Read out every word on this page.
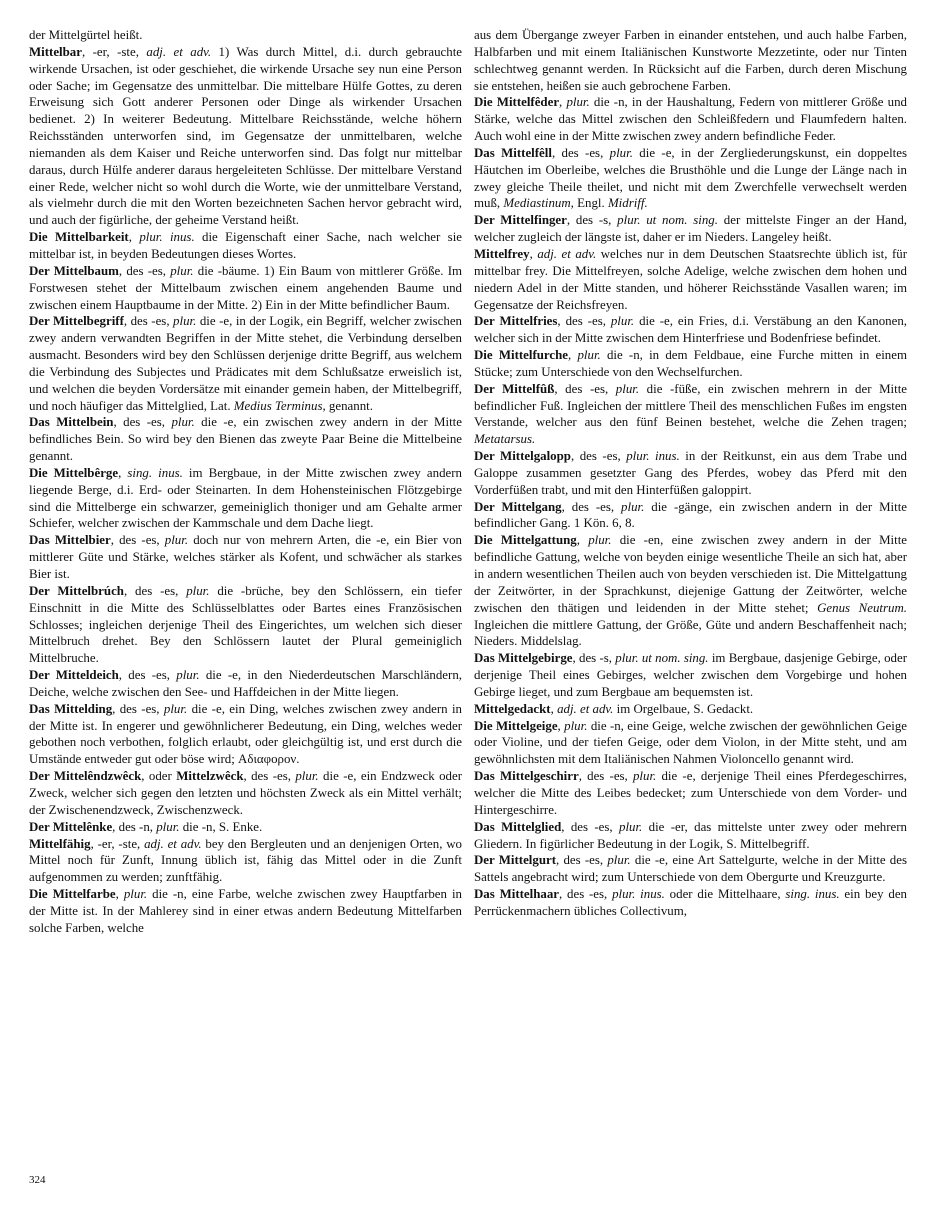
der Mittelgürtel heißt.

Mittelbar, -er, -ste, adj. et adv. 1) Was durch Mittel, d.i. durch gebrauchte wirkende Ursachen, ist oder geschiehet, die wirkende Ursache sey nun eine Person oder Sache; im Gegensatze des unmittelbar. Die mittelbare Hülfe Gottes, zu deren Erweisung sich Gott anderer Personen oder Dinge als wirkender Ursachen bedienet. 2) In weiterer Bedeutung. Mittelbare Reichsstände, welche höhern Reichsständen unterworfen sind, im Gegensatze der unmittelbaren, welche niemanden als dem Kaiser und Reiche unterworfen sind. Das folgt nur mittelbar daraus, durch Hülfe anderer daraus hergeleiteten Schlüsse. Der mittelbare Verstand einer Rede, welcher nicht so wohl durch die Worte, wie der unmittelbare Verstand, als vielmehr durch die mit den Worten bezeichneten Sachen hervor gebracht wird, und auch der figürliche, der geheime Verstand heißt.

Die Mittelbarkeit, plur. inus. die Eigenschaft einer Sache, nach welcher sie mittelbar ist, in beyden Bedeutungen dieses Wortes.

Der Mittelbaum, des -es, plur. die -bäume. 1) Ein Baum von mittlerer Größe. Im Forstwesen stehet der Mittelbaum zwischen einem angehenden Baume und zwischen einem Hauptbaume in der Mitte. 2) Ein in der Mitte befindlicher Baum.

Der Mittelbegriff, des -es, plur. die -e, in der Logik, ein Begriff, welcher zwischen zwey andern verwandten Begriffen in der Mitte stehet, die Verbindung derselben ausmacht. Besonders wird bey den Schlüssen derjenige dritte Begriff, aus welchem die Verbindung des Subjectes und Prädicates mit dem Schlußsatze erweislich ist, und welchen die beyden Vordersätze mit einander gemein haben, der Mittelbegriff, und noch häufiger das Mittelglied, Lat. Medius Terminus, genannt.

Das Mittelbein, des -es, plur. die -e, ein zwischen zwey andern in der Mitte befindliches Bein. So wird bey den Bienen das zweyte Paar Beine die Mittelbeine genannt.

Die Mittelbêrge, sing. inus. im Bergbaue, in der Mitte zwischen zwey andern liegende Berge, d.i. Erd- oder Steinarten. In dem Hohensteinischen Flötzgebirge sind die Mittelberge ein schwarzer, gemeiniglich thoniger und am Gehalte armer Schiefer, welcher zwischen der Kammschale und dem Dache liegt.

Das Mittelbier, des -es, plur. doch nur von mehrern Arten, die -e, ein Bier von mittlerer Güte und Stärke, welches stärker als Kofent, und schwächer als starkes Bier ist.

Der Mittelbrúch, des -es, plur. die -brüche, bey den Schlössern, ein tiefer Einschnitt in die Mitte des Schlüsselblattes oder Bartes eines Französischen Schlosses; ingleichen derjenige Theil des Eingerichtes, um welchen sich dieser Mittelbruch drehet. Bey den Schlössern lautet der Plural gemeiniglich Mittelbruche.

Der Mitteldeich, des -es, plur. die -e, in den Niederdeutschen Marschländern, Deiche, welche zwischen den See- und Haffdeichen in der Mitte liegen.

Das Mittelding, des -es, plur. die -e, ein Ding, welches zwischen zwey andern in der Mitte ist. In engerer und gewöhnlicherer Bedeutung, ein Ding, welches weder gebothen noch verbothen, folglich erlaubt, oder gleichgültig ist, und erst durch die Umstände entweder gut oder böse wird; Αδιαφορον.

Der Mittelêndzwêck, oder Mittelzwêck, des -es, plur. die -e, ein Endzweck oder Zweck, welcher sich gegen den letzten und höchsten Zweck als ein Mittel verhält; der Zwischenendzweck, Zwischenzweck.

Der Mittelênke, des -n, plur. die -n, S. Enke.

Mittelfähig, -er, -ste, adj. et adv. bey den Bergleuten und an denjenigen Orten, wo Mittel noch für Zunft, Innung üblich ist, fähig das Mittel oder in die Zunft aufgenommen zu werden; zunftfähig.

Die Mittelfarbe, plur. die -n, eine Farbe, welche zwischen zwey Hauptfarben in der Mitte ist. In der Mahlerey sind in einer etwas andern Bedeutung Mittelfarben solche Farben, welche

aus dem Übergange zweyer Farben in einander entstehen, und auch halbe Farben, Halbfarben und mit einem Italiänischen Kunstworte Mezzetinte, oder nur Tinten schlechtweg genannt werden. In Rücksicht auf die Farben, durch deren Mischung sie entstehen, heißen sie auch gebrochene Farben.

Die Mittelfêder, plur. die -n, in der Haushaltung, Federn von mittlerer Größe und Stärke, welche das Mittel zwischen den Schleißfedern und Flaumfedern halten. Auch wohl eine in der Mitte zwischen zwey andern befindliche Feder.

Das Mittelfêll, des -es, plur. die -e, in der Zergliederungskunst, ein doppeltes Häutchen im Oberleibe, welches die Brusthöhle und die Lunge der Länge nach in zwey gleiche Theile theilet, und nicht mit dem Zwerchfelle verwechselt werden muß, Mediastinum, Engl. Midriff.

Der Mittelfinger, des -s, plur. ut nom. sing. der mittelste Finger an der Hand, welcher zugleich der längste ist, daher er im Nieders. Langeley heißt.

Mittelfrey, adj. et adv. welches nur in dem Deutschen Staatsrechte üblich ist, für mittelbar frey. Die Mittelfreyen, solche Adelige, welche zwischen dem hohen und niedern Adel in der Mitte standen, und höherer Reichsstände Vasallen waren; im Gegensatze der Reichsfreyen.

Der Mittelfries, des -es, plur. die -e, ein Fries, d.i. Verstäbung an den Kanonen, welcher sich in der Mitte zwischen dem Hinterfriese und Bodenfriese befindet.

Die Mittelfurche, plur. die -n, in dem Feldbaue, eine Furche mitten in einem Stücke; zum Unterschiede von den Wechselfurchen.

Der Mittelfûß, des -es, plur. die -füße, ein zwischen mehrern in der Mitte befindlicher Fuß. Ingleichen der mittlere Theil des menschlichen Fußes im engsten Verstande, welcher aus den fünf Beinen bestehet, welche die Zehen tragen; Metatarsus.

Der Mittelgalopp, des -es, plur. inus. in der Reitkunst, ein aus dem Trabe und Galoppe zusammen gesetzter Gang des Pferdes, wobey das Pferd mit den Vorderfüßen trabt, und mit den Hinterfüßen galoppirt.

Der Mittelgang, des -es, plur. die -gänge, ein zwischen andern in der Mitte befindlicher Gang. 1 Kön. 6, 8.

Die Mittelgattung, plur. die -en, eine zwischen zwey andern in der Mitte befindliche Gattung, welche von beyden einige wesentliche Theile an sich hat, aber in andern wesentlichen Theilen auch von beyden verschieden ist. Die Mittelgattung der Zeitwörter, in der Sprachkunst, diejenige Gattung der Zeitwörter, welche zwischen den thätigen und leidenden in der Mitte stehet; Genus Neutrum. Ingleichen die mittlere Gattung, der Größe, Güte und andern Beschaffenheit nach; Nieders. Middelslag.

Das Mittelgebirge, des -s, plur. ut nom. sing. im Bergbaue, dasjenige Gebirge, oder derjenige Theil eines Gebirges, welcher zwischen dem Vorgebirge und hohen Gebirge lieget, und zum Bergbaue am bequemsten ist.

Mittelgedackt, adj. et adv. im Orgelbaue, S. Gedackt.

Die Mittelgeige, plur. die -n, eine Geige, welche zwischen der gewöhnlichen Geige oder Violine, und der tiefen Geige, oder dem Violon, in der Mitte steht, und am gewöhnlichsten mit dem Italiänischen Nahmen Violoncello genannt wird.

Das Mittelgeschirr, des -es, plur. die -e, derjenige Theil eines Pferdegeschirres, welcher die Mitte des Leibes bedecket; zum Unterschiede von dem Vorder- und Hintergeschirre.

Das Mittelglied, des -es, plur. die -er, das mittelste unter zwey oder mehrern Gliedern. In figürlicher Bedeutung in der Logik, S. Mittelbegriff.

Der Mittelgurt, des -es, plur. die -e, eine Art Sattelgurte, welche in der Mitte des Sattels angebracht wird; zum Unterschiede von dem Obergurte und Kreuzgurte.

Das Mittelhaar, des -es, plur. inus. oder die Mittelhaare, sing. inus. ein bey den Perrückenmachern übliches Collectivum,

324
